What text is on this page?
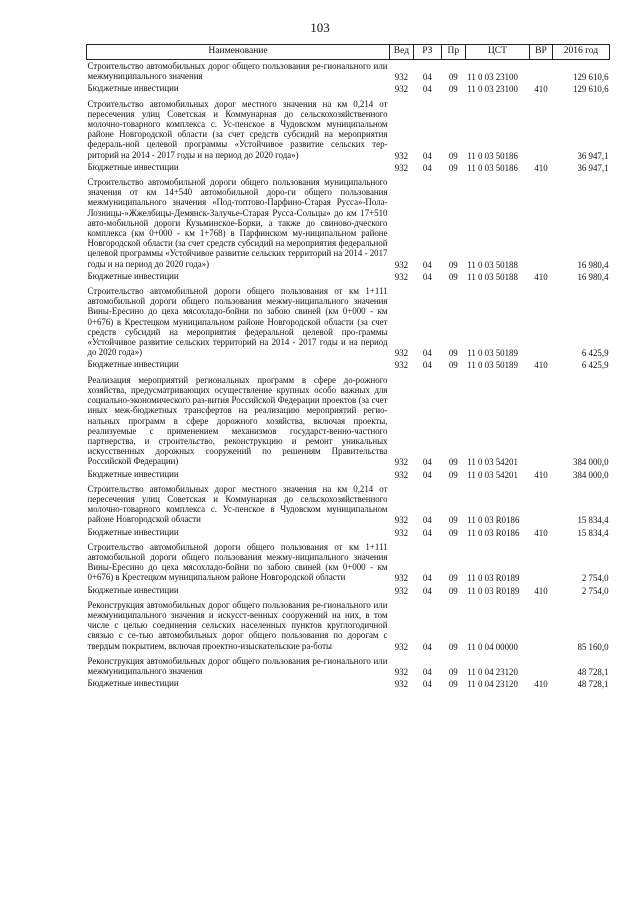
103
Наименование	Вед	РЗ	Пр	ЦСТ	ВР	2016 год
Строительство автомобильных дорог общего пользования ре-гионального или межмуниципального значения	932	04	09	11 0 03 23100		129 610,6
Бюджетные инвестиции	932	04	09	11 0 03 23100	410	129 610,6
Строительство автомобильных дорог местного значения на км 0,214 от пересечения улиц Советская и Коммунарная до сельскохозяйственного молочно-товарного комплекса с. Ус-пенское в Чудовском муниципальном районе Новгородской области (за счет средств субсидий на мероприятия федераль-ной целевой программы «Устойчивое развитие сельских тер-риторий на 2014 - 2017 годы и на период до 2020 года»)	932	04	09	11 0 03 50186		36 947,1
Бюджетные инвестиции	932	04	09	11 0 03 50186	410	36 947,1
Строительство автомобильной дороги общего пользования муниципального значения от км 14+540 автомобильной доро-ги общего пользования межмуниципального значения «Под-топтово-Парфино-Старая Русса»-Пола-Лозницы-»Жжелбицы-Демянск-Залучье-Старая Русса-Сольцы» до км 17+510 авто-мобильной дороги Кузьминское-Борки, а также до свиново-дческого комплекса (км 0+000 - км 1+768) в Парфинском му-ниципальном районе Новгородской области (за счет средств субсидий на мероприятия федеральной целевой программы «Устойчивое развитие сельских территорий на 2014 - 2017 годы и на период до 2020 года»)	932	04	09	11 0 03 50188		16 980,4
Бюджетные инвестиции	932	04	09	11 0 03 50188	410	16 980,4
Строительство автомобильной дороги общего пользования от км 1+111 автомобильной дороги общего пользования межму-ниципального значения Вины-Ересино до цеха мясохладо-бойни по забою свиней (км 0+000 - км 0+676) в Крестецком муниципальном районе Новгородской области (за счет средств субсидий на мероприятия федеральной целевой про-граммы «Устойчивое развитие сельских территорий на 2014 - 2017 годы и на период до 2020 года»)	932	04	09	11 0 03 50189		6 425,9
Бюджетные инвестиции	932	04	09	11 0 03 50189	410	6 425,9
Реализация мероприятий региональных программ в сфере до-рожного хозяйства, предусматривающих осуществление крупных особо важных для социально-экономического раз-вития Российской Федерации проектов (за счет иных меж-бюджетных трансфертов на реализацию мероприятий регио-нальных программ в сфере дорожного хозяйства, включая проекты, реализуемые с применением механизмов государст-венно-частного партнерства, и строительство, реконструкцию и ремонт уникальных искусственных дорожных сооружений по решениям Правительства Российской Федерации)	932	04	09	11 0 03 54201		384 000,0
Бюджетные инвестиции	932	04	09	11 0 03 54201	410	384 000,0
Строительство автомобильных дорог местного значения на км 0,214 от пересечения улиц Советская и Коммунарная до сельскохозяйственного молочно-товарного комплекса с. Ус-пенское в Чудовском муниципальном районе Новгородской области	932	04	09	11 0 03 R0186		15 834,4
Бюджетные инвестиции	932	04	09	11 0 03 R0186	410	15 834,4
Строительство автомобильной дороги общего пользования от км 1+111 автомобильной дороги общего пользования межму-ниципального значения Вины-Ересино до цеха мясохладо-бойни по забою свиней (км 0+000 - км 0+676) в Крестецком муниципальном районе Новгородской области	932	04	09	11 0 03 R0189		2 754,0
Бюджетные инвестиции	932	04	09	11 0 03 R0189	410	2 754,0
Реконструкция автомобильных дорог общего пользования ре-гионального или межмуниципального значения и искусст-венных сооружений на них, в том числе с целью соединения сельских населенных пунктов круглогодичной связью с се-тью автомобильных дорог общего пользования по дорогам с твердым покрытием, включая проектно-изыскательские ра-боты	932	04	09	11 0 04 00000		85 160,0
Реконструкция автомобильных дорог общего пользования ре-гионального или межмуниципального значения	932	04	09	11 0 04 23120		48 728,1
Бюджетные инвестиции	932	04	09	11 0 04 23120	410	48 728,1
